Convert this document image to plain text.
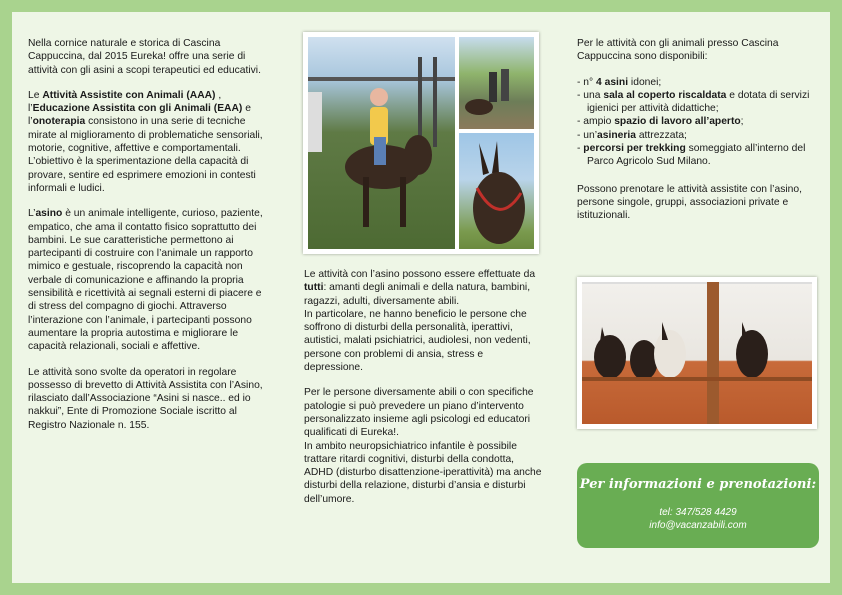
Nella cornice naturale e storica di Cascina Cappuccina, dal 2015 Eureka! offre una serie di attività con gli asini a scopi terapeutici ed educativi.

Le Attività Assistite con Animali (AAA) , l’Educazione Assistita con gli Animali (EAA) e l’onoterapia consistono in una serie di tecniche mirate al miglioramento di problematiche sensoriali, motorie, cognitive, affettive e comportamentali. L’obiettivo è la sperimentazione della capacità di provare, sentire ed esprimere emozioni in contesti informali e ludici.

L’asino è un animale intelligente, curioso, paziente, empatico, che ama il contatto fisico soprattutto dei bambini. Le sue caratteristiche permettono ai partecipanti di costruire con l’animale un rapporto mimico e gestuale, riscoprendo la capacità non verbale di comunicazione e affinando la propria sensibilità e ricettività ai segnali esterni di piacere e di stress del compagno di giochi. Attraverso l’interazione con l’animale, i partecipanti possono aumentare la propria autostima e migliorare le capacità relazionali, sociali e affettive.

Le attività sono svolte da operatori in regolare possesso di brevetto di Attività Assistita con l’Asino, rilasciato dall’Associazione “Asini si nasce.. ed io nakkui”, Ente di Promozione Sociale iscritto al Registro Nazionale n. 155.

Le attività con l’asino possono essere effettuate da tutti: amanti degli animali e della natura, bambini, ragazzi, adulti, diversamente abili.
In particolare, ne hanno beneficio le persone che soffrono di disturbi della personalità, iperattivi, autistici, malati psichiatrici, audiolesi, non vedenti, persone con problemi di ansia, stress e depressione.

Per le persone diversamente abili o con specifiche patologie si può prevedere un piano d’intervento personalizzato insieme agli psicologi ed educatori qualificati di Eureka!.
In ambito neuropsichiatrico infantile è possibile trattare ritardi cognitivi, disturbi della condotta, ADHD (disturbo disattenzione-iperattività) ma anche disturbi della relazione, disturbi d’ansia e disturbi dell’umore.

Per le attività con gli animali presso Cascina Cappuccina sono disponibili:

- n° 4 asini idonei;
- una sala al coperto riscaldata e dotata di servizi igienici per attività didattiche;
- ampio spazio di lavoro all’aperto;
- un’asineria attrezzata;
- percorsi per trekking someggiato all’interno del Parco Agricolo Sud Milano.

Possono prenotare le attività assistite con l’asino, persone singole, gruppi, associazioni private e istituzionali.

Per informazioni e prenotazioni:
tel: 347/528 4429
info@vacanzabili.com
